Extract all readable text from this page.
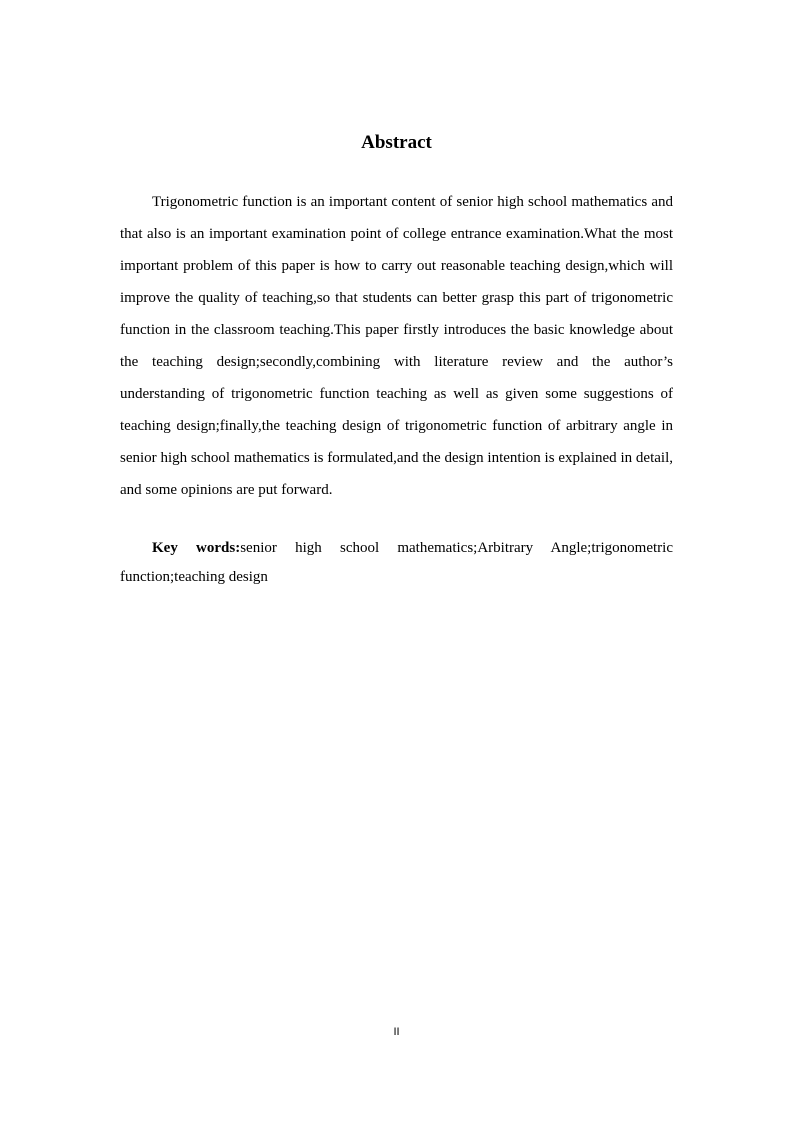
Abstract

Trigonometric function is an important content of senior high school mathematics and that also is an important examination point of college entrance examination.What the most important problem of this paper is how to carry out reasonable teaching design,which will improve the quality of teaching,so that students can better grasp this part of trigonometric function in the classroom teaching.This paper firstly introduces the basic knowledge about the teaching design;secondly,combining with literature review and the author’s understanding of trigonometric function teaching as well as given some suggestions of teaching design;finally,the teaching design of trigonometric function of arbitrary angle in senior high school mathematics is formulated,and the design intention is explained in detail, and some opinions are put forward.

Key words:senior high school mathematics;Arbitrary Angle;trigonometric function;teaching design

II
